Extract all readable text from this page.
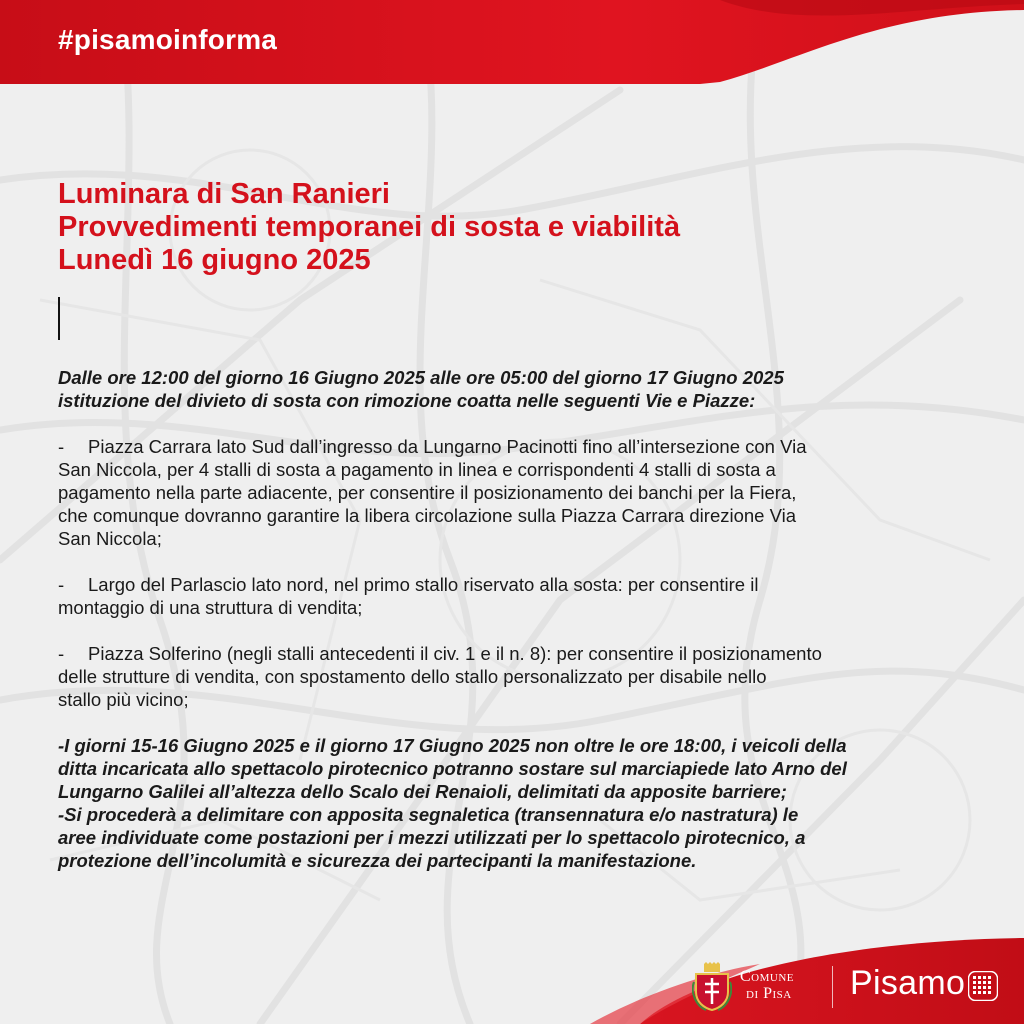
#pisamoinforma
Luminara di San Ranieri
Provvedimenti temporanei di sosta e viabilità
Lunedì 16 giugno 2025
Dalle ore 12:00 del giorno 16 Giugno 2025 alle ore 05:00 del giorno 17 Giugno 2025
istituzione del divieto di sosta con rimozione coatta nelle seguenti Vie e Piazze:
- Piazza Carrara lato Sud dall’ingresso da Lungarno Pacinotti fino all’intersezione con Via
San Niccola, per 4 stalli di sosta a pagamento in linea e corrispondenti 4 stalli di sosta a
pagamento nella parte adiacente, per consentire il posizionamento dei banchi per la Fiera,
che comunque dovranno garantire la libera circolazione sulla Piazza Carrara direzione Via
San Niccola;
- Largo del Parlascio lato nord, nel primo stallo riservato alla sosta: per consentire il
montaggio di una struttura di vendita;
- Piazza Solferino (negli stalli antecedenti il civ. 1 e il n. 8): per consentire il posizionamento
delle strutture di vendita, con spostamento dello stallo personalizzato per disabile nello
stallo più vicino;
-I giorni 15-16 Giugno 2025 e il giorno 17 Giugno 2025 non oltre le ore 18:00, i veicoli della
ditta incaricata allo spettacolo pirotecnico potranno sostare sul marciapiede lato Arno del
Lungarno Galilei all’altezza dello Scalo dei Renaioli, delimitati da apposite barriere;
-Si procederà a delimitare con apposita segnaletica (transennatura e/o nastratura) le
aree individuate come postazioni per i mezzi utilizzati per lo spettacolo pirotecnico, a
protezione dell’incolumità e sicurezza dei partecipanti la manifestazione.
Comune
di Pisa Pisamo
